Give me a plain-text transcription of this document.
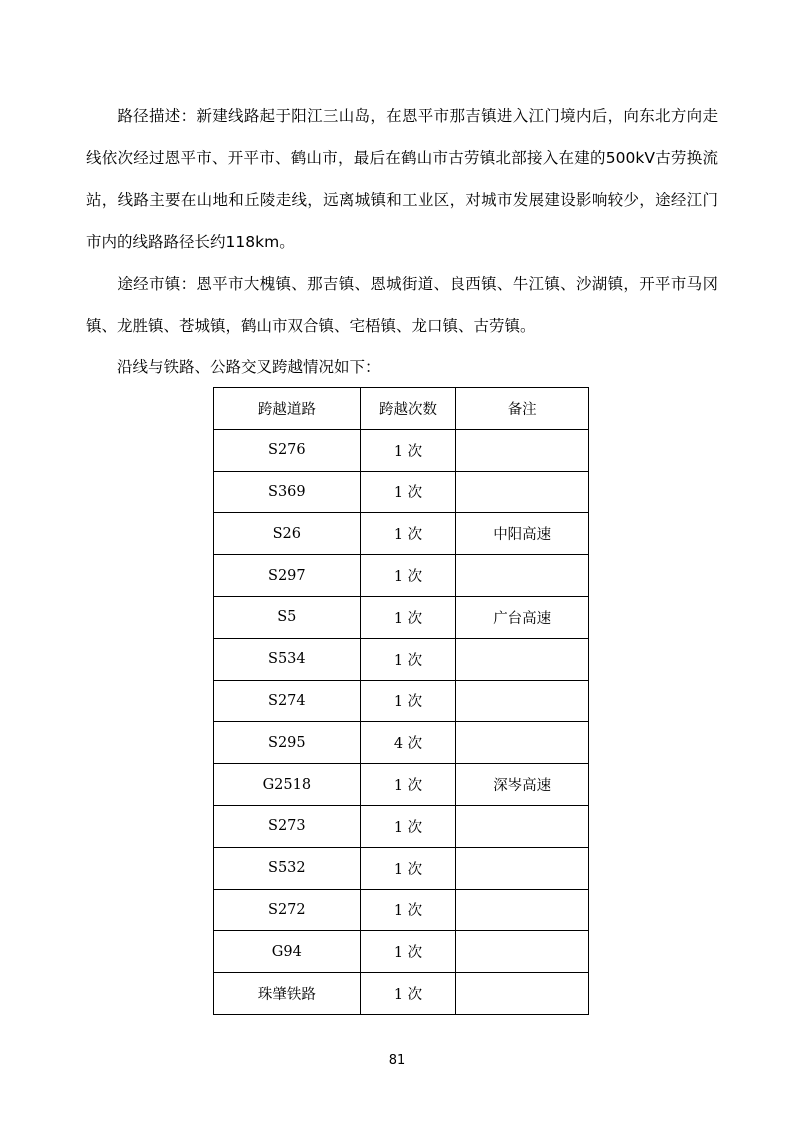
路径描述：新建线路起于阳江三山岛，在恩平市那吉镇进入江门境内后，向东北方向走线依次经过恩平市、开平市、鹤山市，最后在鹤山市古劳镇北部接入在建的500kV古劳换流站，线路主要在山地和丘陵走线，远离城镇和工业区，对城市发展建设影响较少，途经江门市内的线路路径长约118km。

途经市镇：恩平市大槐镇、那吉镇、恩城街道、良西镇、牛江镇、沙湖镇，开平市马冈镇、龙胜镇、苍城镇，鹤山市双合镇、宅梧镇、龙口镇、古劳镇。

沿线与铁路、公路交叉跨越情况如下：

跨越道路	跨越次数	备注
S276	1 次	
S369	1 次	
S26	1 次	中阳高速
S297	1 次	
S5	1 次	广台高速
S534	1 次	
S274	1 次	
S295	4 次	
G2518	1 次	深岑高速
S273	1 次	
S532	1 次	
S272	1 次	
G94	1 次	
珠肇铁路	1 次	
81
